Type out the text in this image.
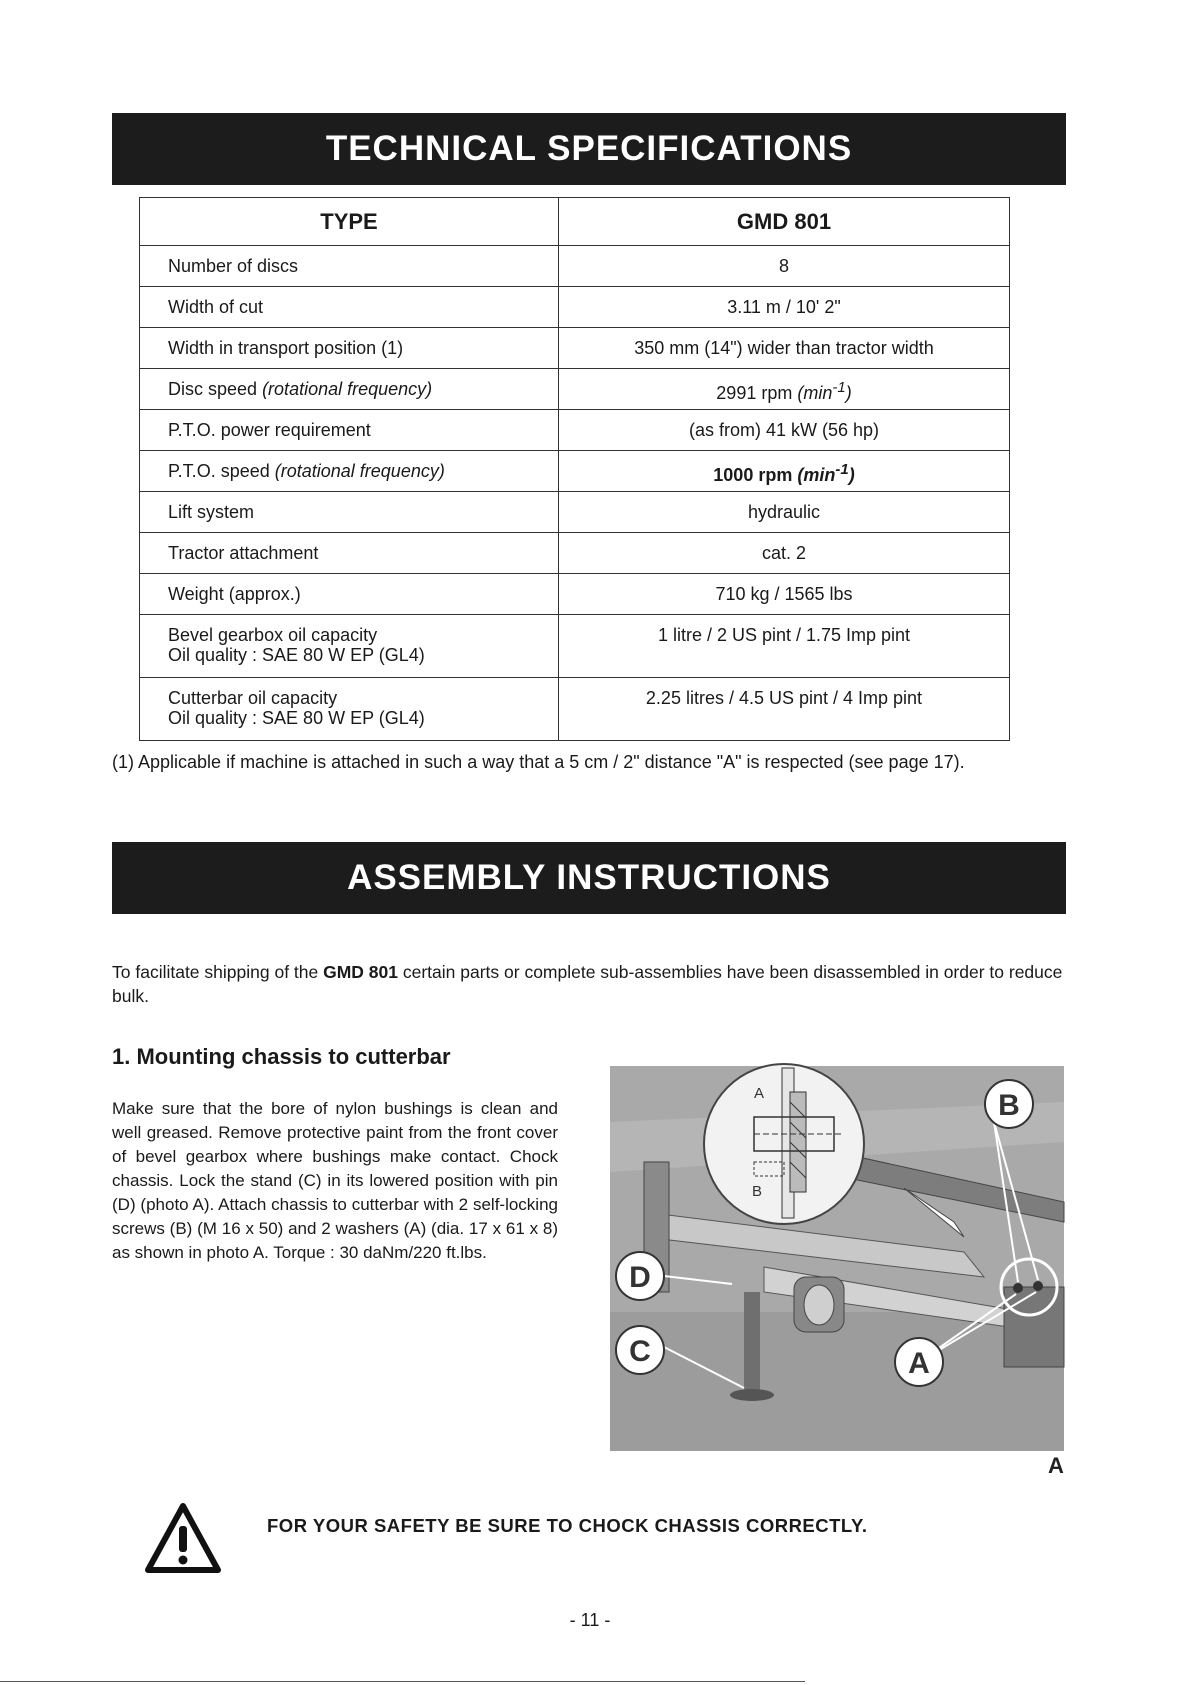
TECHNICAL SPECIFICATIONS
TYPE	GMD 801
Number of discs	8
Width of cut	3.11 m / 10' 2"
Width in transport position (1)	350 mm (14") wider than tractor width
Disc speed (rotational frequency)	2991 rpm $(\min^{-1})$
P.T.O. power requirement	(as from) 41 kW (56 hp)
P.T.O. speed (rotational frequency)	1000 rpm $(\min^{-1})$
Lift system	hydraulic
Tractor attachment	cat. 2
Weight (approx.)	710 kg / 1565 lbs

Bevel gearbox oil capacity
Oil quality : SAE 80 W EP (GL4)	1 litre / 2 US pint / 1.75 Imp pint

Cutterbar oil capacity
Oil quality : SAE 80 W EP (GL4)	2.25 litres / 4.5 US pint / 4 Imp pint
(1) Applicable if machine is attached in such a way that a 5 cm / 2" distance "A" is respected (see page 17).
ASSEMBLY INSTRUCTIONS
To facilitate shipping of the GMD 801 certain parts or complete sub-assemblies have been disassembled in order to reduce bulk.
1. Mounting chassis to cutterbar
Make sure that the bore of nylon bushings is clean and well greased. Remove protective paint from the front cover of bevel gearbox where bushings make contact. Chock chassis. Lock the stand (C) in its lowered position with pin (D) (photo A). Attach chassis to cutterbar with 2 self-locking screws (B) (M 16 x 50) and 2 washers (A) (dia. 17 x 61 x 8) as shown in photo A. Torque : 30 daNm/220 ft.lbs.
A
B
B
A
D
C
A
FOR YOUR SAFETY BE SURE TO CHOCK CHASSIS CORRECTLY.
- 11 -
